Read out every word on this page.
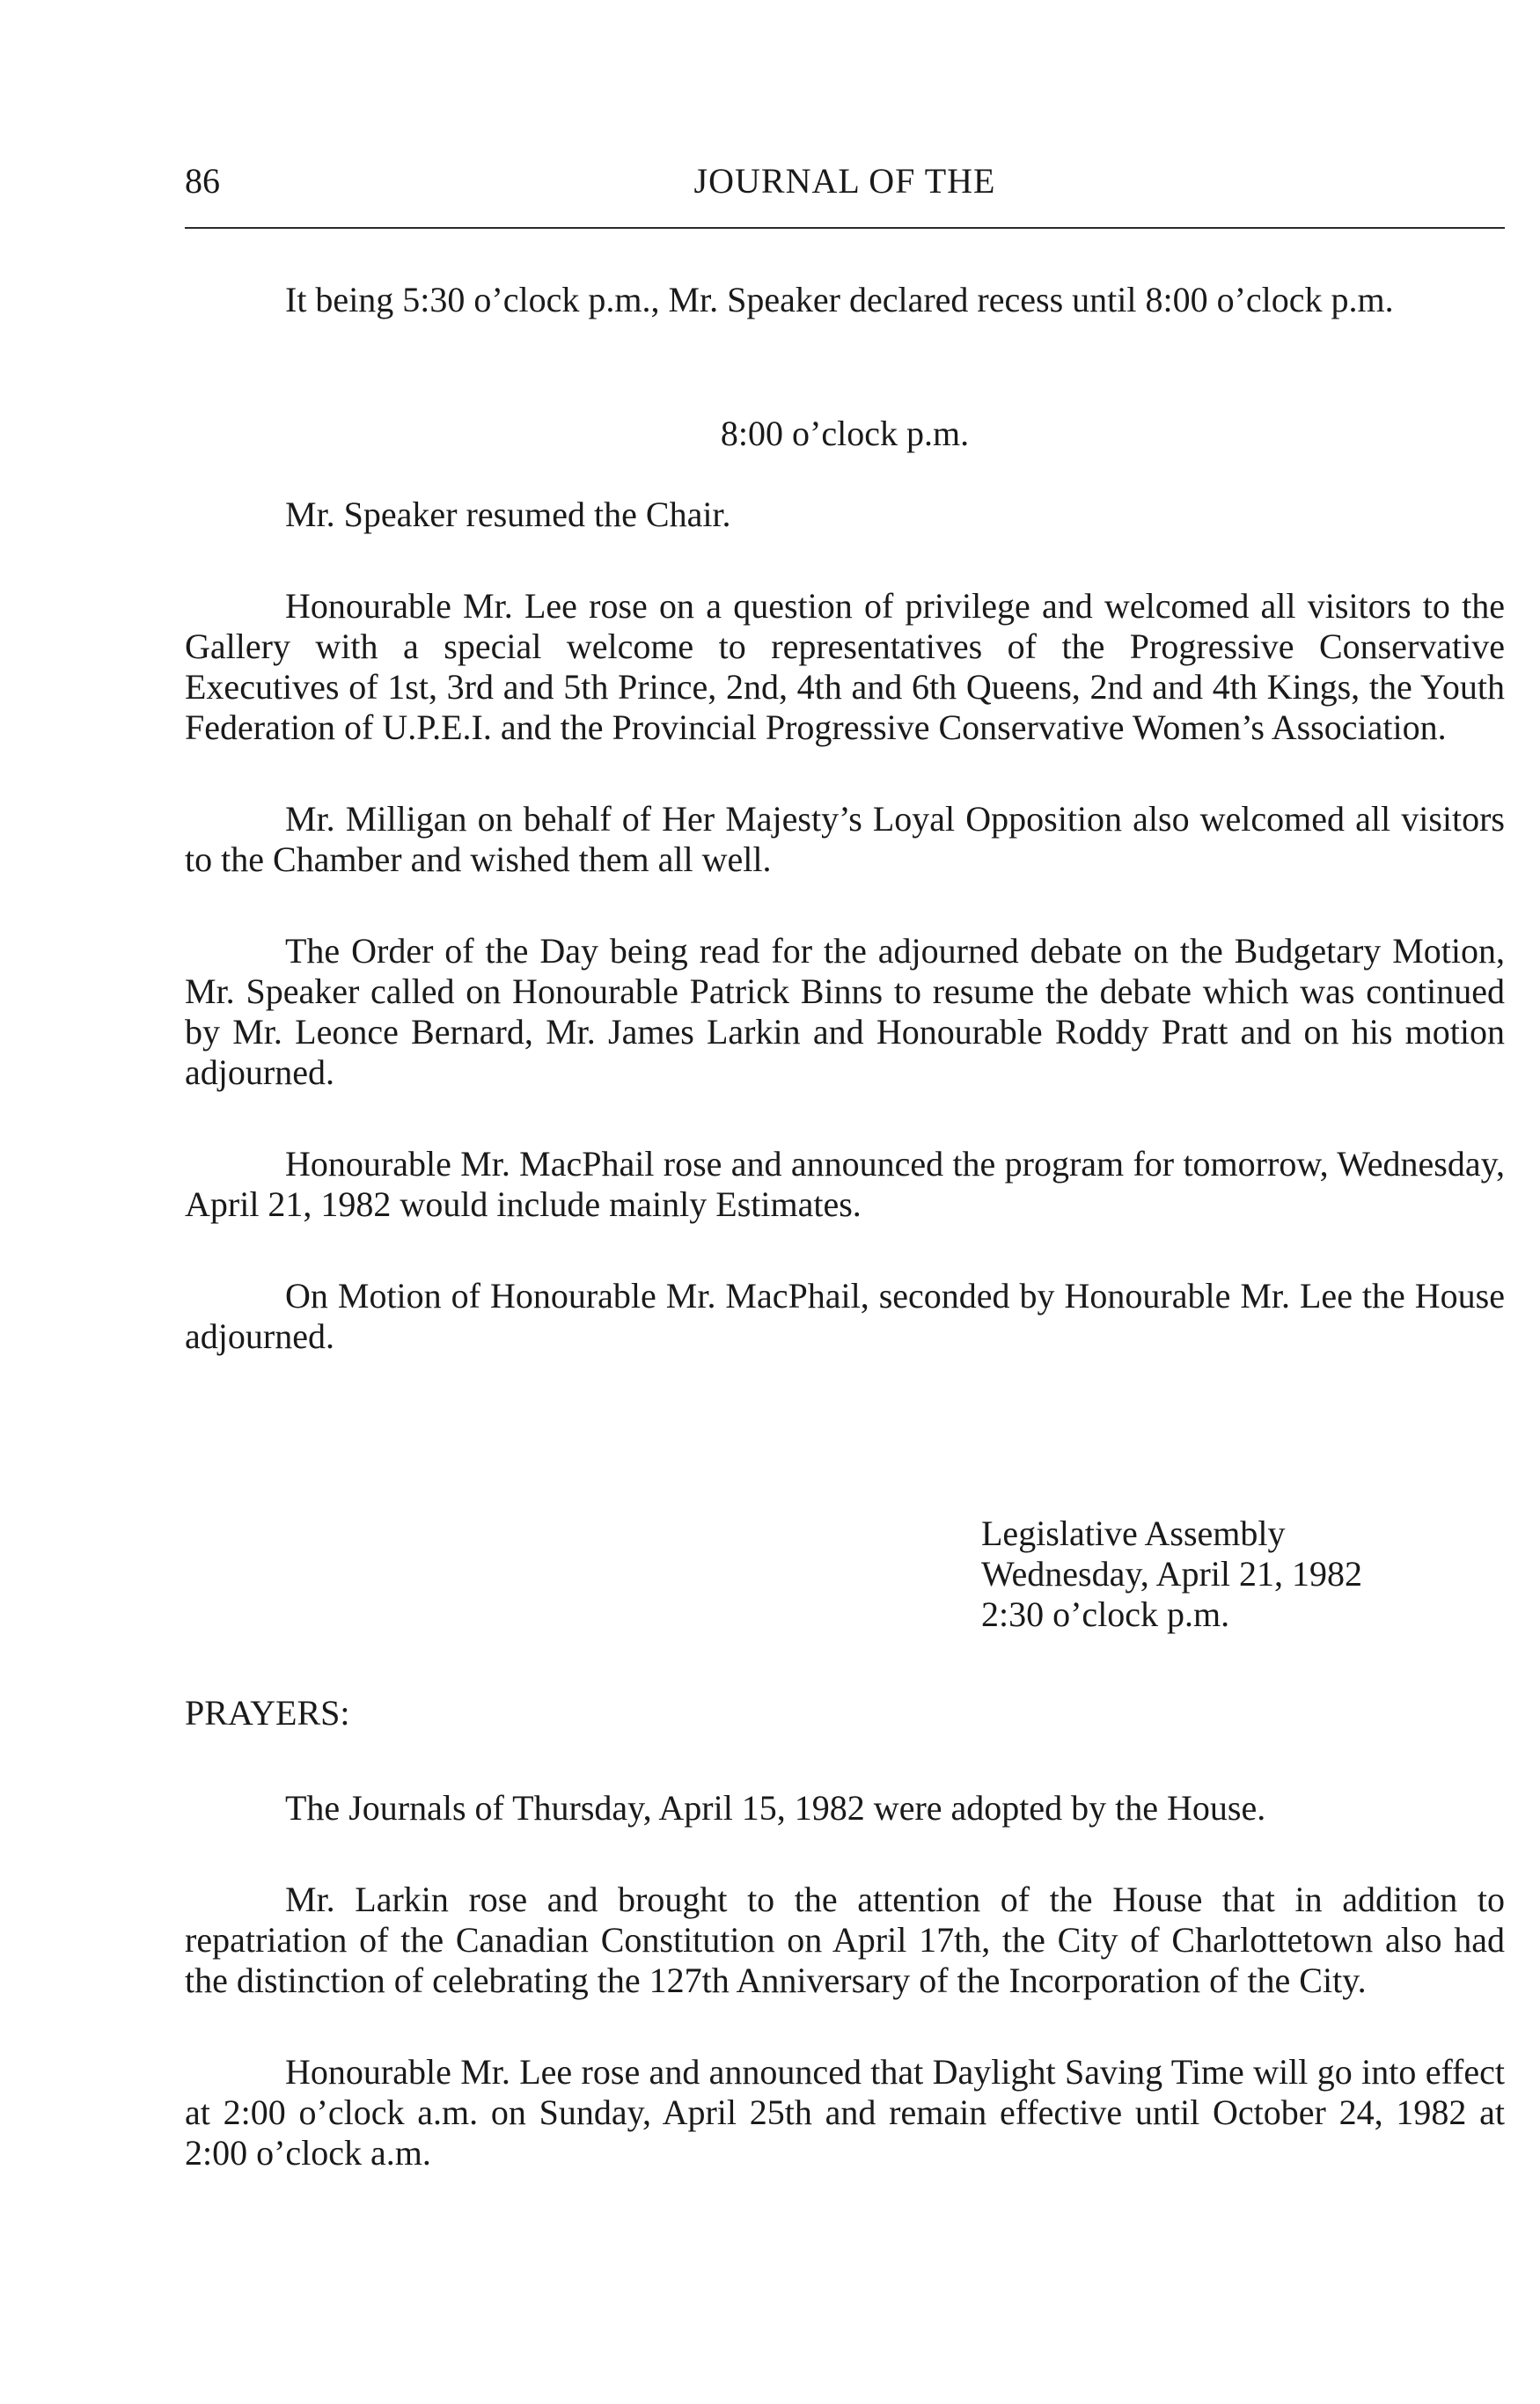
86	JOURNAL OF THE

It being 5:30 o’clock p.m., Mr. Speaker declared recess until 8:00 o’clock p.m.

8:00 o’clock p.m.

Mr. Speaker resumed the Chair.

Honourable Mr. Lee rose on a question of privilege and welcomed all visitors to the Gallery with a special welcome to representatives of the Progressive Conservative Executives of 1st, 3rd and 5th Prince, 2nd, 4th and 6th Queens, 2nd and 4th Kings, the Youth Federation of U.P.E.I. and the Provincial Progressive Conservative Women’s Association.

Mr. Milligan on behalf of Her Majesty’s Loyal Opposition also welcomed all visitors to the Chamber and wished them all well.

The Order of the Day being read for the adjourned debate on the Budgetary Motion, Mr. Speaker called on Honourable Patrick Binns to resume the debate which was continued by Mr. Leonce Bernard, Mr. James Larkin and Honourable Roddy Pratt and on his motion adjourned.

Honourable Mr. MacPhail rose and announced the program for tomorrow, Wednesday, April 21, 1982 would include mainly Estimates.

On Motion of Honourable Mr. MacPhail, seconded by Honourable Mr. Lee the House adjourned.

Legislative Assembly
Wednesday, April 21, 1982
2:30 o’clock p.m.

PRAYERS:

The Journals of Thursday, April 15, 1982 were adopted by the House.

Mr. Larkin rose and brought to the attention of the House that in addition to repatriation of the Canadian Constitution on April 17th, the City of Charlottetown also had the distinction of celebrating the 127th Anniversary of the Incorporation of the City.

Honourable Mr. Lee rose and announced that Daylight Saving Time will go into effect at 2:00 o’clock a.m. on Sunday, April 25th and remain effective until October 24, 1982 at 2:00 o’clock a.m.
